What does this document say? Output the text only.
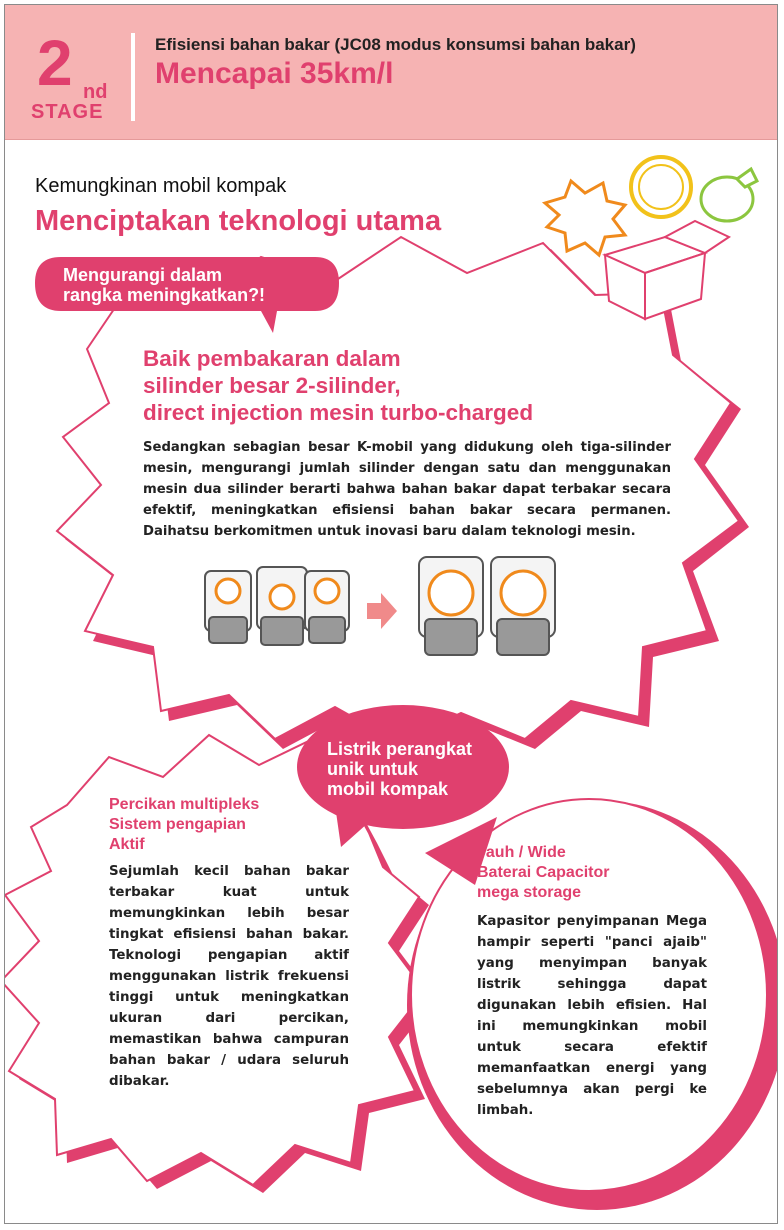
2 nd
STAGE
Efisiensi bahan bakar (JC08 modus konsumsi bahan bakar)
Mencapai 35km/l
Kemungkinan mobil kompak
Menciptakan teknologi utama
Mengurangi dalam
rangka meningkatkan?!
Baik pembakaran dalam
silinder besar 2-silinder,
direct injection mesin turbo-charged
Sedangkan sebagian besar K-mobil yang didukung oleh tiga-silinder mesin, mengurangi jumlah silinder dengan satu dan menggunakan mesin dua silinder berarti bahwa bahan bakar dapat terbakar secara efektif, meningkatkan efisiensi bahan bakar secara permanen. Daihatsu berkomitmen untuk inovasi baru dalam teknologi mesin.
Listrik perangkat
unik untuk
mobil kompak
Percikan multipleks
Sistem pengapian
Aktif
Sejumlah kecil bahan bakar terbakar kuat untuk memungkinkan lebih besar tingkat efisiensi bahan bakar. Teknologi pengapian aktif menggunakan listrik frekuensi tinggi untuk meningkatkan ukuran dari percikan, memastikan bahwa campuran bahan bakar / udara seluruh dibakar.
Jauh / Wide
Baterai Capacitor
mega storage
Kapasitor penyimpanan Mega hampir seperti "panci ajaib" yang menyimpan banyak listrik sehingga dapat digunakan lebih efisien. Hal ini memungkinkan mobil untuk secara efektif memanfaatkan energi yang sebelumnya akan pergi ke limbah.
